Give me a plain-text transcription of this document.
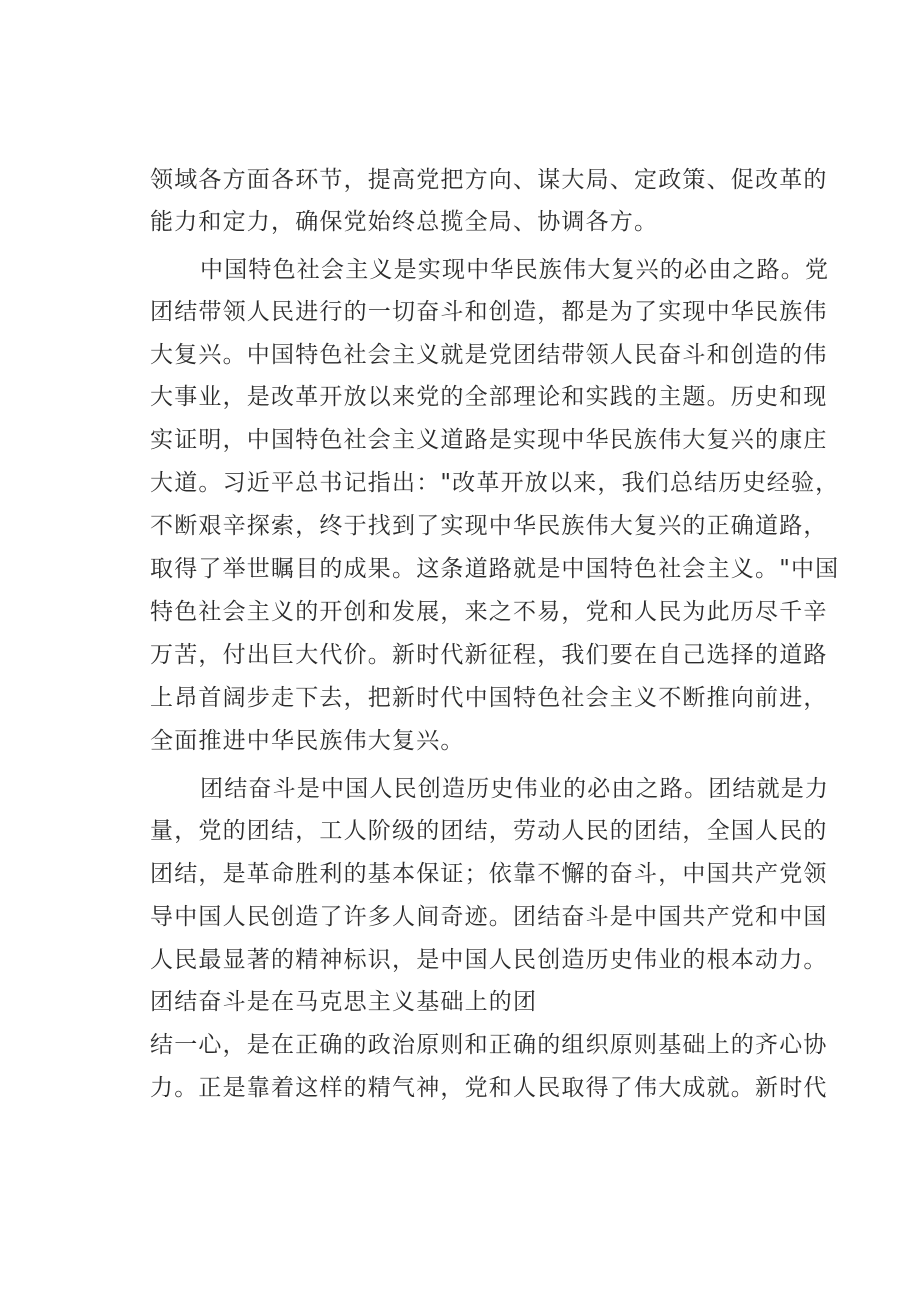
领域各方面各环节，提高党把方向、谋大局、定政策、促改革的
能力和定力，确保党始终总揽全局、协调各方。
中国特色社会主义是实现中华民族伟大复兴的必由之路。党
团结带领人民进行的一切奋斗和创造，都是为了实现中华民族伟
大复兴。中国特色社会主义就是党团结带领人民奋斗和创造的伟
大事业，是改革开放以来党的全部理论和实践的主题。历史和现
实证明，中国特色社会主义道路是实现中华民族伟大复兴的康庄
大道。习近平总书记指出："改革开放以来，我们总结历史经验，
不断艰辛探索，终于找到了实现中华民族伟大复兴的正确道路，
取得了举世瞩目的成果。这条道路就是中国特色社会主义。"中国
特色社会主义的开创和发展，来之不易，党和人民为此历尽千辛
万苦，付出巨大代价。新时代新征程，我们要在自己选择的道路
上昂首阔步走下去，把新时代中国特色社会主义不断推向前进，
全面推进中华民族伟大复兴。
团结奋斗是中国人民创造历史伟业的必由之路。团结就是力
量，党的团结，工人阶级的团结，劳动人民的团结，全国人民的
团结，是革命胜利的基本保证；依靠不懈的奋斗，中国共产党领
导中国人民创造了许多人间奇迹。团结奋斗是中国共产党和中国
人民最显著的精神标识，是中国人民创造历史伟业的根本动力。
团结奋斗是在马克思主义基础上的团
结一心，是在正确的政治原则和正确的组织原则基础上的齐心协
力。正是靠着这样的精气神，党和人民取得了伟大成就。新时代
